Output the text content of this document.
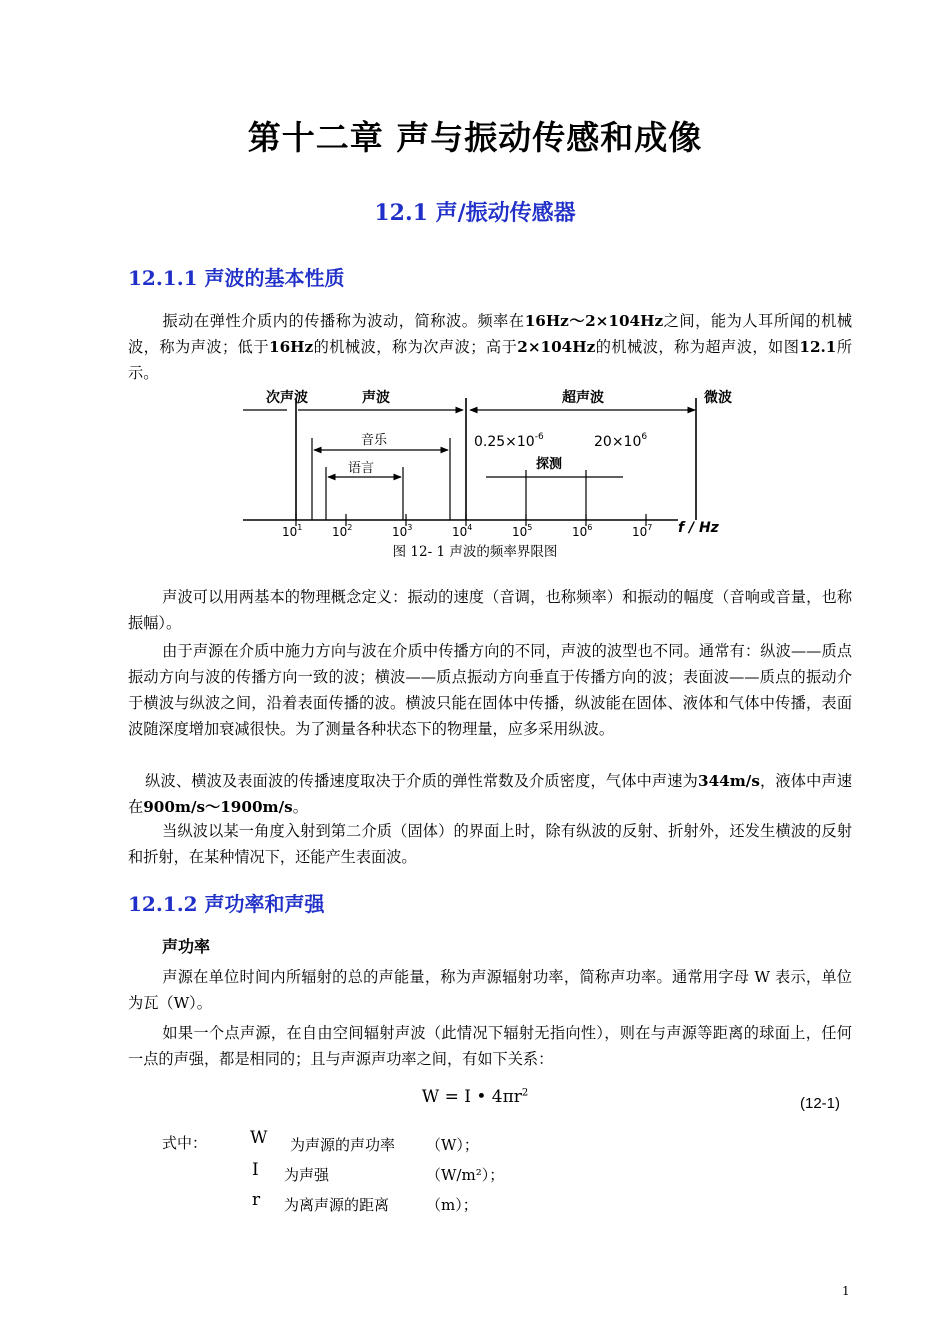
第十二章 声与振动传感和成像
12.1 声/振动传感器
12.1.1 声波的基本性质

振动在弹性介质内的传播称为波动，简称波。频率在16Hz～2×104Hz之间，能为人耳所闻的机械波，称为声波；低于16Hz的机械波，称为次声波；高于2×104Hz的机械波，称为超声波，如图12.1所示。

次声波	声波	超声波	微波
音乐
语言
$0.25\times 10^{-6}$	$20\times 10^6$
探测
$10^1$ $10^2$	$10^3$	$10^4$	$10^5$	$10^6$	$10^7$ f / Hz
图 12- 1 声波的频率界限图

声波可以用两基本的物理概念定义：振动的速度（音调，也称频率）和振动的幅度（音响或音量，也称振幅）。

由于声源在介质中施力方向与波在介质中传播方向的不同，声波的波型也不同。通常有：纵波——质点振动方向与波的传播方向一致的波；横波——质点振动方向垂直于传播方向的波；表面波——质点的振动介于横波与纵波之间，沿着表面传播的波。横波只能在固体中传播，纵波能在固体、液体和气体中传播，表面波随深度增加衰减很快。为了测量各种状态下的物理量，应多采用纵波。

纵波、横波及表面波的传播速度取决于介质的弹性常数及介质密度，气体中声速为344m/s，液体中声速在900m/s～1900m/s。

当纵波以某一角度入射到第二介质（固体）的界面上时，除有纵波的反射、折射外，还发生横波的反射和折射，在某种情况下，还能产生表面波。

12.1.2 声功率和声强
声功率

声源在单位时间内所辐射的总的声能量，称为声源辐射功率，简称声功率。通常用字母 W 表示，单位为瓦（W）。

如果一个点声源，在自由空间辐射声波（此情况下辐射无指向性），则在与声源等距离的球面上，任何一点的声强，都是相同的；且与声源声功率之间，有如下关系：

W = I • $4\pi r^2$
(12-1)
式中：	W 为声源的声功率 （W）；
I 为声强	（W/m²）；
r 为离声源的距离 （m）；
1
